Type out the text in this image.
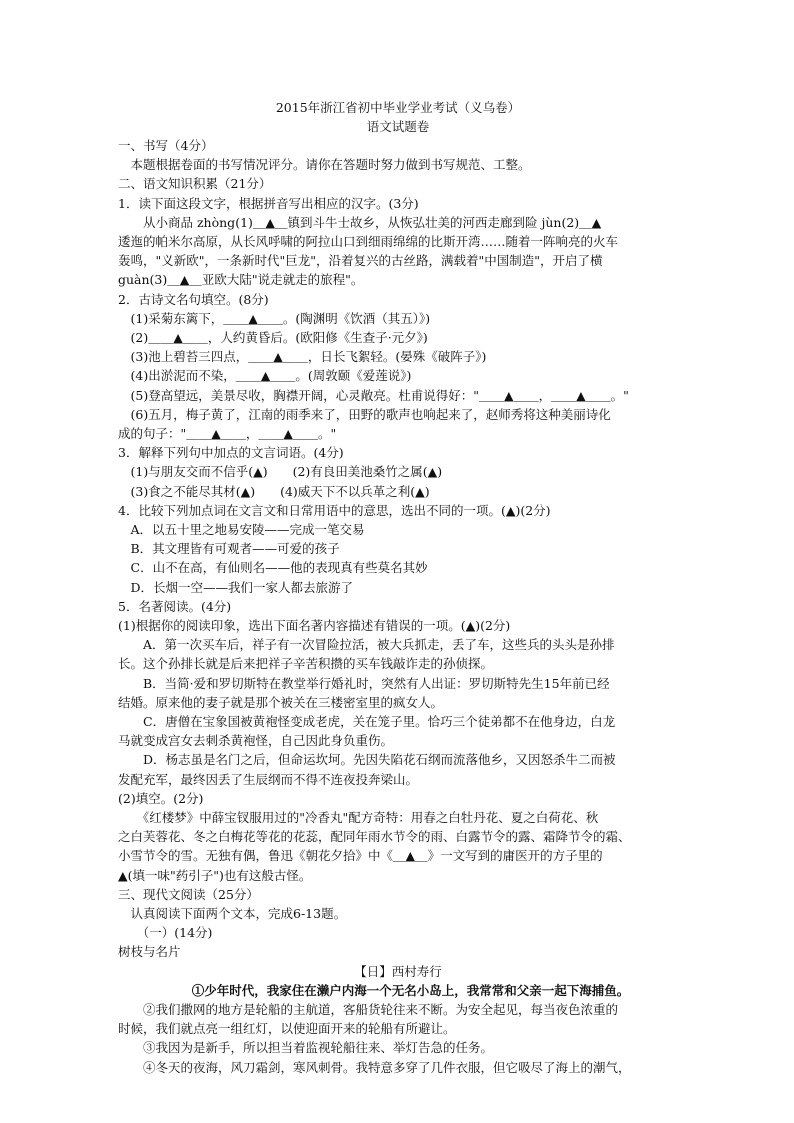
2015年浙江省初中毕业学业考试（义乌卷）
语文试题卷
一、书写（4分）
　本题根据卷面的书写情况评分。请你在答题时努力做到书写规范、工整。
二、语文知识积累（21分）
1．读下面这段文字，根据拼音写出相应的汉字。(3分)
　　从小商品 zhòng(1)＿▲＿镇到斗牛士故乡，从恢弘壮美的河西走廊到险 jùn(2)＿▲
逶迤的帕米尔高原，从长风呼啸的阿拉山口到细雨绵绵的比斯开湾……随着一阵响亮的火车
轰鸣，"义新欧"，一条新时代"巨龙"，沿着复兴的古丝路，满载着"中国制造"，开启了横
guàn(3)＿▲＿亚欧大陆"说走就走的旅程"。
2．古诗文名句填空。(8分)
　(1)采菊东篱下，＿＿▲＿＿。(陶渊明《饮酒（其五）》)
　(2)＿＿▲＿＿，人约黄昏后。(欧阳修《生查子·元夕》)
　(3)池上碧苔三四点，＿＿▲＿＿，日长飞絮轻。(晏殊《破阵子》)
　(4)出淤泥而不染，＿＿▲＿＿。(周敦颐《爱莲说》)
　(5)登高望远，美景尽收，胸襟开阔，心灵敞亮。杜甫说得好："＿＿▲＿＿，＿＿▲＿＿。"
　(6)五月，梅子黄了，江南的雨季来了，田野的歌声也响起来了，赵师秀将这种美丽诗化
成的句子："＿＿▲＿＿，＿＿▲＿＿。"
3．解释下列句中加点的文言词语。(4分)
　(1)与朋友交而不信乎(▲)　　(2)有良田美池桑竹之属(▲)
　(3)食之不能尽其材(▲)　　(4)威天下不以兵革之利(▲)
4．比较下列加点词在文言文和日常用语中的意思，选出不同的一项。(▲)(2分)
　A．以五十里之地易安陵——完成一笔交易
　B．其文理皆有可观者——可爱的孩子
　C．山不在高，有仙则名——他的表现真有些莫名其妙
　D．长烟一空——我们一家人都去旅游了
5．名著阅读。(4分)
(1)根据你的阅读印象，选出下面名著内容描述有错误的一项。(▲)(2分)
　　A．第一次买车后，祥子有一次冒险拉活，被大兵抓走，丢了车，这些兵的头头是孙排
长。这个孙排长就是后来把祥子辛苦积攒的买车钱敲诈走的孙侦探。
　　B．当简·爱和罗切斯特在教堂举行婚礼时，突然有人出证：罗切斯特先生15年前已经
结婚。原来他的妻子就是那个被关在三楼密室里的疯女人。
　　C．唐僧在宝象国被黄袍怪变成老虎，关在笼子里。恰巧三个徒弟都不在他身边，白龙
马就变成宫女去刺杀黄袍怪，自己因此身负重伤。
　　D．杨志虽是名门之后，但命运坎坷。先因失陷花石纲而流落他乡，又因怒杀牛二而被
发配充军，最终因丢了生辰纲而不得不连夜投奔梁山。
(2)填空。(2分)
　　《红楼梦》中薛宝钗服用过的"冷香丸"配方奇特：用春之白牡丹花、夏之白荷花、秋
之白芙蓉花、冬之白梅花等花的花蕊，配同年雨水节令的雨、白露节令的露、霜降节令的霜、
小雪节令的雪。无独有偶，鲁迅《朝花夕拾》中《＿▲＿》一文写到的庸医开的方子里的
▲(填一味"药引子")也有这般古怪。
三、现代文阅读（25分）
　认真阅读下面两个文本，完成6-13题。
　　（一）(14分)
树枝与名片
【日】西村寿行
　　①少年时代，我家住在濑户内海一个无名小岛上，我常常和父亲一起下海捕鱼。
　　②我们撒网的地方是轮船的主航道，客船货轮往来不断。为安全起见，每当夜色浓重的
时候，我们就点亮一组红灯，以使迎面开来的轮船有所避让。
　　③我因为是新手，所以担当着监视轮船往来、举灯告急的任务。
　　④冬天的夜海，风刀霜剑，寒风刺骨。我特意多穿了几件衣服，但它吸尽了海上的潮气，
